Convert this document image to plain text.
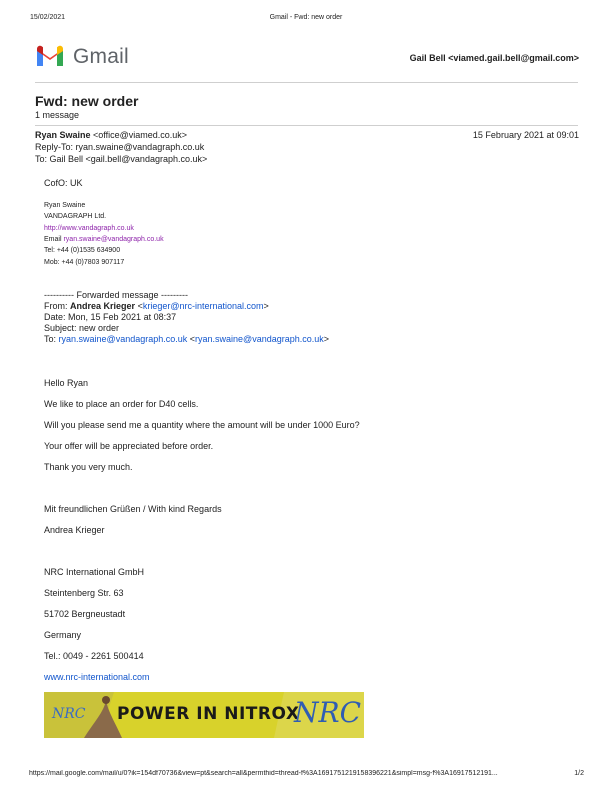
15/02/2021	Gmail - Fwd: new order
Gmail	Gail Bell <viamed.gail.bell@gmail.com>
Fwd: new order
1 message
Ryan Swaine <office@viamed.co.uk>	15 February 2021 at 09:01
Reply-To: ryan.swaine@vandagraph.co.uk
To: Gail Bell <gail.bell@vandagraph.co.uk>
CofO: UK
Ryan Swaine
VANDAGRAPH Ltd.
http://www.vandagraph.co.uk
Email ryan.swaine@vandagraph.co.uk
Tel: +44 (0)1535 634900
Mob: +44 (0)7803 907117
---------- Forwarded message ---------
From: Andrea Krieger <krieger@nrc-international.com>
Date: Mon, 15 Feb 2021 at 08:37
Subject: new order
To: ryan.swaine@vandagraph.co.uk <ryan.swaine@vandagraph.co.uk>
Hello Ryan
We like to place an order for D40 cells.
Will you please send me a quantity where the amount will be under 1000 Euro?
Your offer will be appreciated before order.
Thank you very much.
Mit freundlichen Grüßen / With kind Regards
Andrea Krieger
NRC International GmbH
Steintenberg Str. 63
51702 Bergneustadt
Germany
Tel.: 0049 - 2261 500414
www.nrc-international.com
NRC POWER IN NITROX
NRC
https://mail.google.com/mail/u/0?ik=154df70736&view=pt&search=all&permthid=thread-f%3A1691751219158396221&simpl=msg-f%3A16917512191...	1/2
